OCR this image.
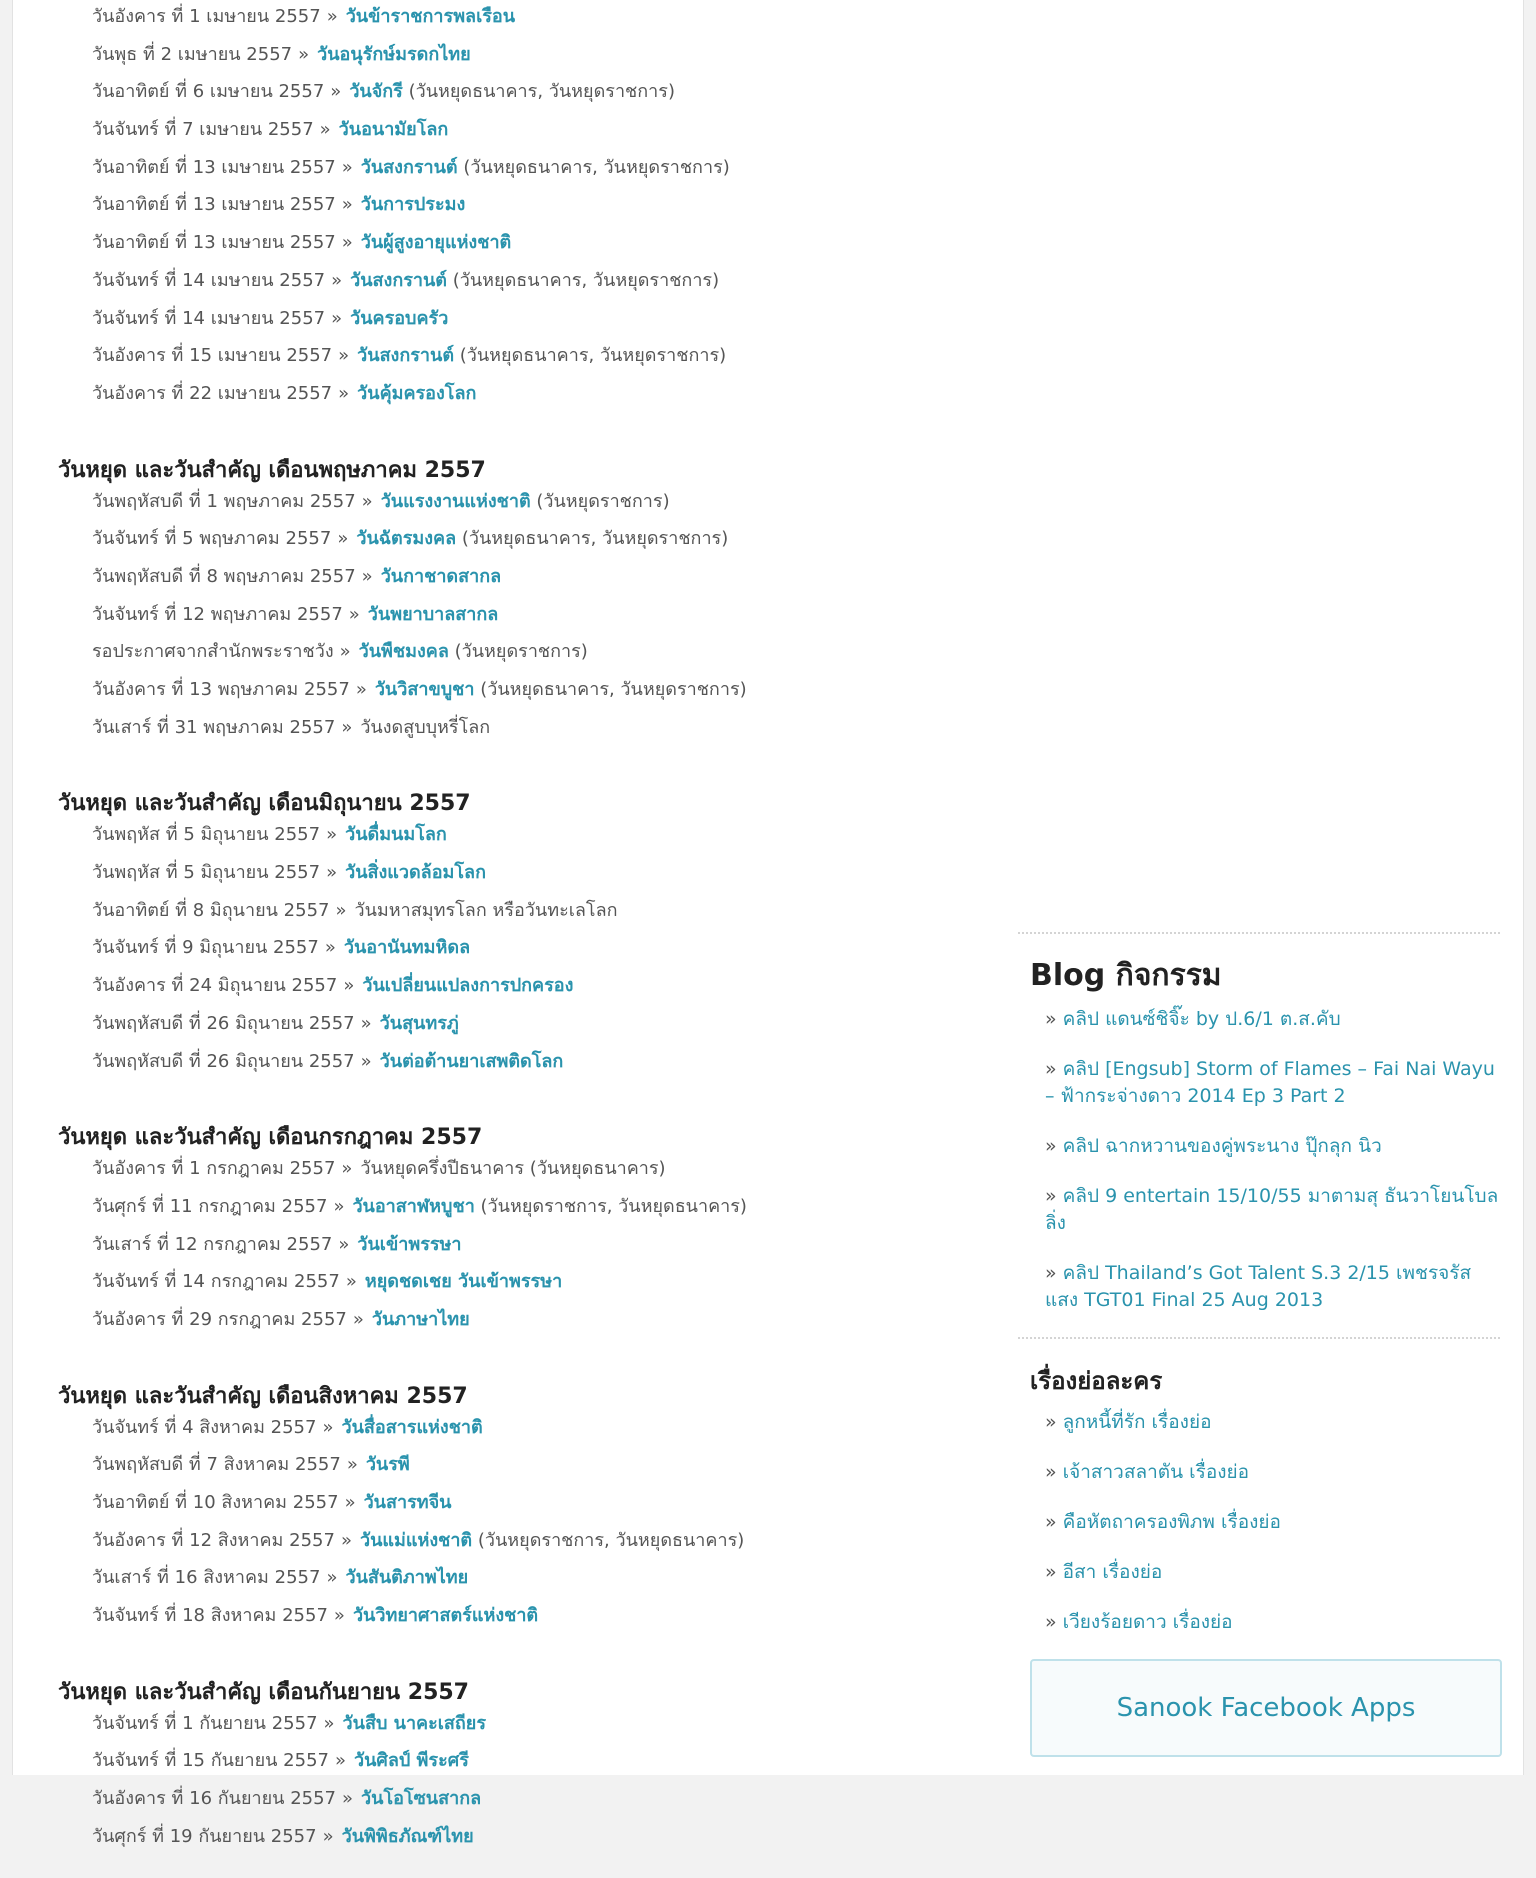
วันอังคาร ที่ 1 เมษายน 2557 » วันข้าราชการพลเรือน
วันพุธ ที่ 2 เมษายน 2557 » วันอนุรักษ์มรดกไทย
วันอาทิตย์ ที่ 6 เมษายน 2557 » วันจักรี (วันหยุดธนาคาร, วันหยุดราชการ)
วันจันทร์ ที่ 7 เมษายน 2557 » วันอนามัยโลก
วันอาทิตย์ ที่ 13 เมษายน 2557 » วันสงกรานต์ (วันหยุดธนาคาร, วันหยุดราชการ)
วันอาทิตย์ ที่ 13 เมษายน 2557 » วันการประมง
วันอาทิตย์ ที่ 13 เมษายน 2557 » วันผู้สูงอายุแห่งชาติ
วันจันทร์ ที่ 14 เมษายน 2557 » วันสงกรานต์ (วันหยุดธนาคาร, วันหยุดราชการ)
วันจันทร์ ที่ 14 เมษายน 2557 » วันครอบครัว
วันอังคาร ที่ 15 เมษายน 2557 » วันสงกรานต์ (วันหยุดธนาคาร, วันหยุดราชการ)
วันอังคาร ที่ 22 เมษายน 2557 » วันคุ้มครองโลก
วันหยุด และวันสำคัญ เดือนพฤษภาคม 2557
วันพฤหัสบดี ที่ 1 พฤษภาคม 2557 » วันแรงงานแห่งชาติ (วันหยุดราชการ)
วันจันทร์ ที่ 5 พฤษภาคม 2557 » วันฉัตรมงคล (วันหยุดธนาคาร, วันหยุดราชการ)
วันพฤหัสบดี ที่ 8 พฤษภาคม 2557 » วันกาชาดสากล
วันจันทร์ ที่ 12 พฤษภาคม 2557 » วันพยาบาลสากล
รอประกาศจากสำนักพระราชวัง » วันพืชมงคล (วันหยุดราชการ)
วันอังคาร ที่ 13 พฤษภาคม 2557 » วันวิสาขบูชา (วันหยุดธนาคาร, วันหยุดราชการ)
วันเสาร์ ที่ 31 พฤษภาคม 2557 » วันงดสูบบุหรี่โลก
วันหยุด และวันสำคัญ เดือนมิถุนายน 2557
วันพฤหัส ที่ 5 มิถุนายน 2557 » วันดื่มนมโลก
วันพฤหัส ที่ 5 มิถุนายน 2557 » วันสิ่งแวดล้อมโลก
วันอาทิตย์ ที่ 8 มิถุนายน 2557 » วันมหาสมุทรโลก หรือวันทะเลโลก
วันจันทร์ ที่ 9 มิถุนายน 2557 » วันอานันทมหิดล
วันอังคาร ที่ 24 มิถุนายน 2557 » วันเปลี่ยนแปลงการปกครอง
วันพฤหัสบดี ที่ 26 มิถุนายน 2557 » วันสุนทรภู่
วันพฤหัสบดี ที่ 26 มิถุนายน 2557 » วันต่อต้านยาเสพติดโลก
วันหยุด และวันสำคัญ เดือนกรกฎาคม 2557
วันอังคาร ที่ 1 กรกฎาคม 2557 » วันหยุดครึ่งปีธนาคาร (วันหยุดธนาคาร)
วันศุกร์ ที่ 11 กรกฎาคม 2557 » วันอาสาฬหบูชา (วันหยุดราชการ, วันหยุดธนาคาร)
วันเสาร์ ที่ 12 กรกฎาคม 2557 » วันเข้าพรรษา
วันจันทร์ ที่ 14 กรกฎาคม 2557 » หยุดชดเชย วันเข้าพรรษา
วันอังคาร ที่ 29 กรกฎาคม 2557 » วันภาษาไทย
วันหยุด และวันสำคัญ เดือนสิงหาคม 2557
วันจันทร์ ที่ 4 สิงหาคม 2557 » วันสื่อสารแห่งชาติ
วันพฤหัสบดี ที่ 7 สิงหาคม 2557 » วันรพี
วันอาทิตย์ ที่ 10 สิงหาคม 2557 » วันสารทจีน
วันอังคาร ที่ 12 สิงหาคม 2557 » วันแม่แห่งชาติ (วันหยุดราชการ, วันหยุดธนาคาร)
วันเสาร์ ที่ 16 สิงหาคม 2557 » วันสันติภาพไทย
วันจันทร์ ที่ 18 สิงหาคม 2557 » วันวิทยาศาสตร์แห่งชาติ
วันหยุด และวันสำคัญ เดือนกันยายน 2557
วันจันทร์ ที่ 1 กันยายน 2557 » วันสืบ นาคะเสถียร
วันจันทร์ ที่ 15 กันยายน 2557 » วันศิลป์ พีระศรี
วันอังคาร ที่ 16 กันยายน 2557 » วันโอโซนสากล
วันศุกร์ ที่ 19 กันยายน 2557 » วันพิพิธภัณฑ์ไทย
Blog กิจกรรม
» คลิป แดนซ์ชิจิ๊ะ by ป.6/1 ต.ส.คับ
» คลิป [Engsub] Storm of Flames – Fai Nai Wayu – ฟ้ากระจ่างดาว 2014 Ep 3 Part 2
» คลิป ฉากหวานของคู่พระนาง ปุ๊กลุก นิว
» คลิป 9 entertain 15/10/55 มาตามสุ ธันวาโยนโบลลิ่ง
» คลิป Thailand’s Got Talent S.3 2/15 เพชรจรัสแสง TGT01 Final 25 Aug 2013
เรื่องย่อละคร
» ลูกหนี้ที่รัก เรื่องย่อ
» เจ้าสาวสลาตัน เรื่องย่อ
» คือหัตถาครองพิภพ เรื่องย่อ
» อีสา เรื่องย่อ
» เวียงร้อยดาว เรื่องย่อ
Sanook Facebook Apps
